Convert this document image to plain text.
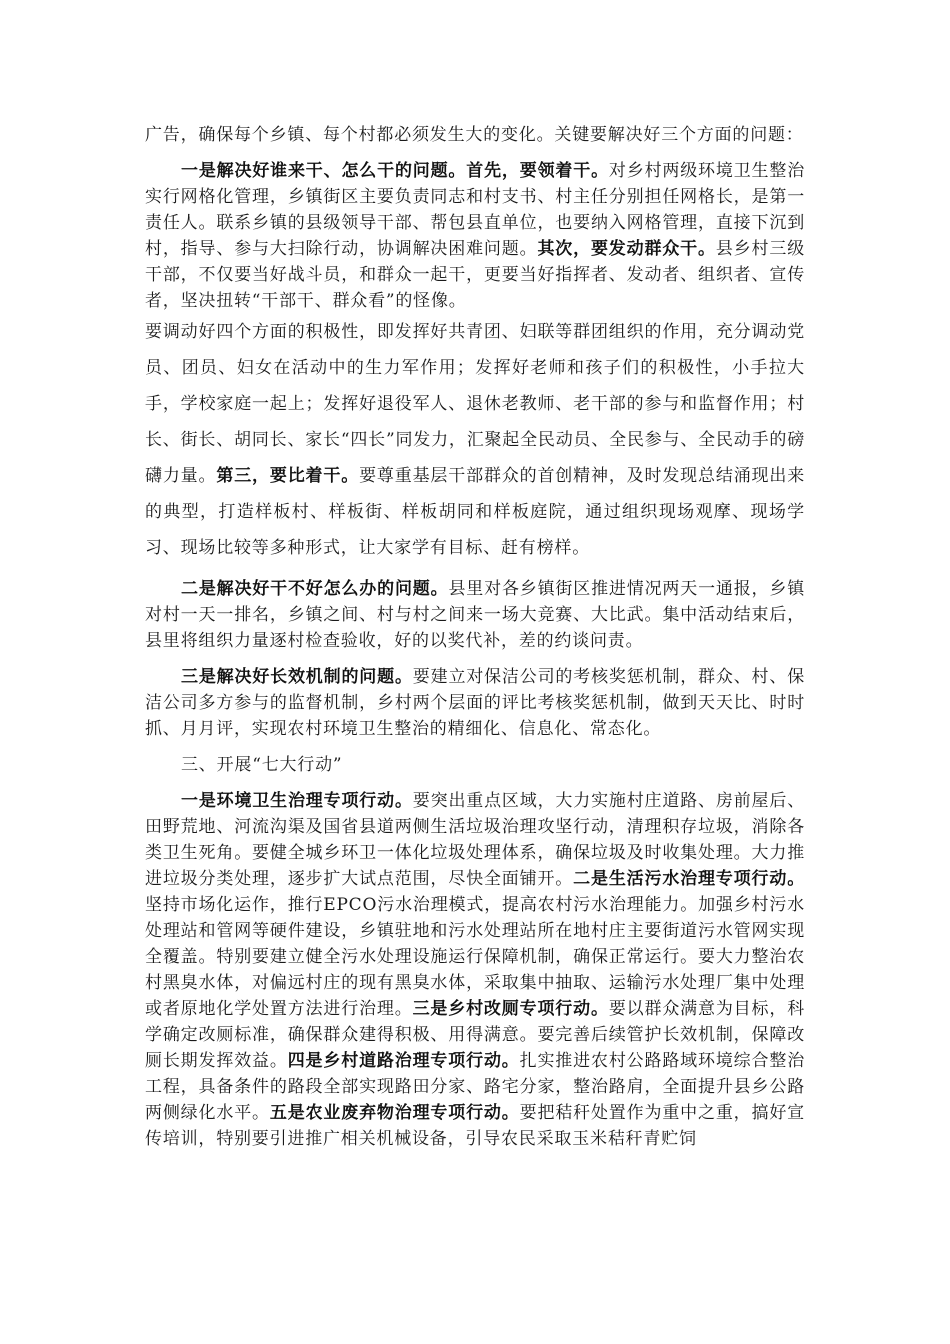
广告，确保每个乡镇、每个村都必须发生大的变化。关键要解决好三个方面的问题：

一是解决好谁来干、怎么干的问题。首先，要领着干。对乡村两级环境卫生整治实行网格化管理，乡镇街区主要负责同志和村支书、村主任分别担任网格长，是第一责任人。联系乡镇的县级领导干部、帮包县直单位，也要纳入网格管理，直接下沉到村，指导、参与大扫除行动，协调解决困难问题。其次，要发动群众干。县乡村三级干部，不仅要当好战斗员，和群众一起干，更要当好指挥者、发动者、组织者、宣传者，坚决扭转“干部干、群众看”的怪像。

要调动好四个方面的积极性，即发挥好共青团、妇联等群团组织的作用，充分调动党员、团员、妇女在活动中的生力军作用；发挥好老师和孩子们的积极性，小手拉大手，学校家庭一起上；发挥好退役军人、退休老教师、老干部的参与和监督作用；村长、街长、胡同长、家长“四长”同发力，汇聚起全民动员、全民参与、全民动手的磅礴力量。第三，要比着干。要尊重基层干部群众的首创精神，及时发现总结涌现出来的典型，打造样板村、样板街、样板胡同和样板庭院，通过组织现场观摩、现场学习、现场比较等多种形式，让大家学有目标、赶有榜样。

二是解决好干不好怎么办的问题。县里对各乡镇街区推进情况两天一通报，乡镇对村一天一排名，乡镇之间、村与村之间来一场大竞赛、大比武。集中活动结束后，县里将组织力量逐村检查验收，好的以奖代补，差的约谈问责。

三是解决好长效机制的问题。要建立对保洁公司的考核奖惩机制，群众、村、保洁公司多方参与的监督机制，乡村两个层面的评比考核奖惩机制，做到天天比、时时抓、月月评，实现农村环境卫生整治的精细化、信息化、常态化。

三、开展“七大行动”

一是环境卫生治理专项行动。要突出重点区域，大力实施村庄道路、房前屋后、田野荒地、河流沟渠及国省县道两侧生活垃圾治理攻坚行动，清理积存垃圾，消除各类卫生死角。要健全城乡环卫一体化垃圾处理体系，确保垃圾及时收集处理。大力推进垃圾分类处理，逐步扩大试点范围，尽快全面铺开。二是生活污水治理专项行动。坚持市场化运作，推行EPCO污水治理模式，提高农村污水治理能力。加强乡村污水处理站和管网等硬件建设，乡镇驻地和污水处理站所在地村庄主要街道污水管网实现全覆盖。特别要建立健全污水处理设施运行保障机制，确保正常运行。要大力整治农村黑臭水体，对偏远村庄的现有黑臭水体，采取集中抽取、运输污水处理厂集中处理或者原地化学处置方法进行治理。三是乡村改厕专项行动。要以群众满意为目标，科学确定改厕标准，确保群众建得积极、用得满意。要完善后续管护长效机制，保障改厕长期发挥效益。四是乡村道路治理专项行动。扎实推进农村公路路域环境综合整治工程，具备条件的路段全部实现路田分家、路宅分家，整治路肩，全面提升县乡公路两侧绿化水平。五是农业废弃物治理专项行动。要把秸秆处置作为重中之重，搞好宣传培训，特别要引进推广相关机械设备，引导农民采取玉米秸秆青贮饲
